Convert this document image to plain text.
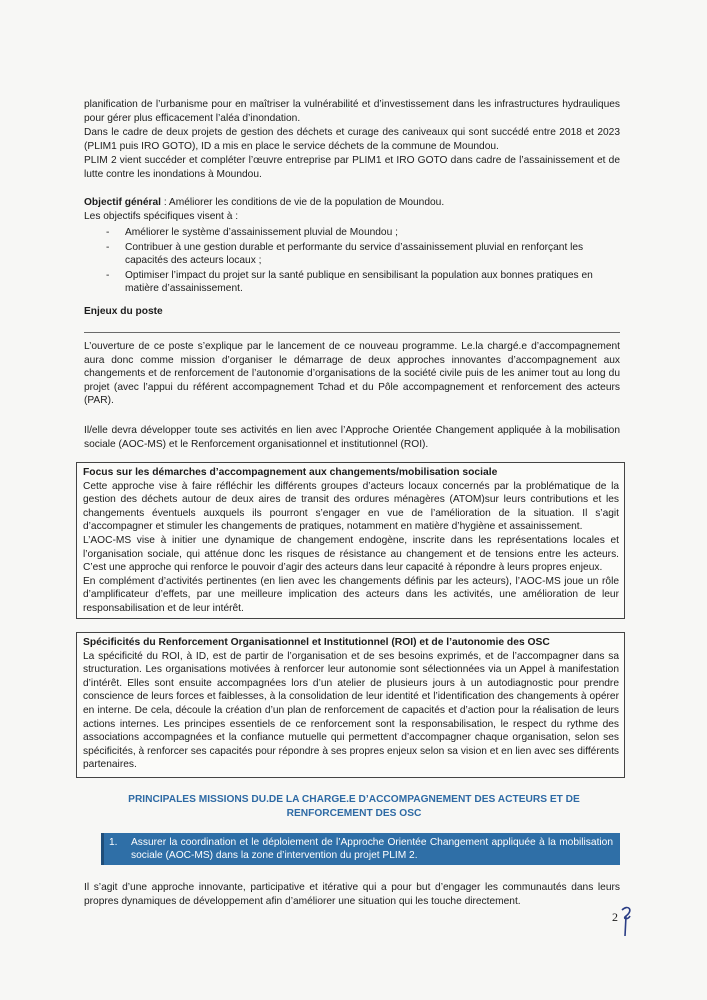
planification de l’urbanisme pour en maîtriser la vulnérabilité et d’investissement dans les infrastructures hydrauliques pour gérer plus efficacement l’aléa d’inondation.
Dans le cadre de deux projets de gestion des déchets et curage des caniveaux qui sont succédé entre 2018 et 2023 (PLIM1 puis IRO GOTO), ID a mis en place le service déchets de la commune de Moundou.
PLIM 2 vient succéder et compléter l’œuvre entreprise par PLIM1 et IRO GOTO dans cadre de l’assainissement et de lutte contre les inondations à Moundou.
Objectif général : Améliorer les conditions de vie de la population de Moundou.
Les objectifs spécifiques visent à :
- Améliorer le système d’assainissement pluvial de Moundou ;
- Contribuer à une gestion durable et performante du service d’assainissement pluvial en renforçant les capacités des acteurs locaux ;
- Optimiser l’impact du projet sur la santé publique en sensibilisant la population aux bonnes pratiques en matière d’assainissement.
Enjeux du poste
L’ouverture de ce poste s’explique par le lancement de ce nouveau programme. Le.la chargé.e d’accompagnement aura donc comme mission d’organiser le démarrage de deux approches innovantes d’accompagnement aux changements et de renforcement de l’autonomie d’organisations de la société civile puis de les animer tout au long du projet (avec l’appui du référent accompagnement Tchad et du Pôle accompagnement et renforcement des acteurs (PAR).
Il/elle devra développer toute ses activités en lien avec l’Approche Orientée Changement appliquée à la mobilisation sociale (AOC-MS) et le Renforcement organisationnel et institutionnel (ROI).
Focus sur les démarches d’accompagnement aux changements/mobilisation sociale
Cette approche vise à faire réfléchir les différents groupes d’acteurs locaux concernés par la problématique de la gestion des déchets autour de deux aires de transit des ordures ménagères (ATOM)sur leurs contributions et les changements éventuels auxquels ils pourront s’engager en vue de l’amélioration de la situation. Il s’agit d’accompagner et stimuler les changements de pratiques, notamment en matière d’hygiène et assainissement.
L’AOC-MS vise à initier une dynamique de changement endogène, inscrite dans les représentations locales et l’organisation sociale, qui atténue donc les risques de résistance au changement et de tensions entre les acteurs. C’est une approche qui renforce le pouvoir d’agir des acteurs dans leur capacité à répondre à leurs propres enjeux.
En complément d’activités pertinentes (en lien avec les changements définis par les acteurs), l’AOC-MS joue un rôle d’amplificateur d’effets, par une meilleure implication des acteurs dans les activités, une amélioration de leur responsabilisation et de leur intérêt.
Spécificités du Renforcement Organisationnel et Institutionnel (ROI) et de l’autonomie des OSC
La spécificité du ROI, à ID, est de partir de l’organisation et de ses besoins exprimés, et de l’accompagner dans sa structuration. Les organisations motivées à renforcer leur autonomie sont sélectionnées via un Appel à manifestation d’intérêt. Elles sont ensuite accompagnées lors d’un atelier de plusieurs jours à un autodiagnostic pour prendre conscience de leurs forces et faiblesses, à la consolidation de leur identité et l’identification des changements à opérer en interne. De cela, découle la création d’un plan de renforcement de capacités et d’action pour la réalisation de leurs actions internes. Les principes essentiels de ce renforcement sont la responsabilisation, le respect du rythme des associations accompagnées et la confiance mutuelle qui permettent d’accompagner chaque organisation, selon ses spécificités, à renforcer ses capacités pour répondre à ses propres enjeux selon sa vision et en lien avec ses différents partenaires.
PRINCIPALES MISSIONS DU.DE LA CHARGE.E D’ACCOMPAGNEMENT DES ACTEURS ET DE RENFORCEMENT DES OSC
1. Assurer la coordination et le déploiement de l’Approche Orientée Changement appliquée à la mobilisation sociale (AOC-MS) dans la zone d’intervention du projet PLIM 2.
Il s’agit d’une approche innovante, participative et itérative qui a pour but d’engager les communautés dans leurs propres dynamiques de développement afin d’améliorer une situation qui les touche directement.
2
